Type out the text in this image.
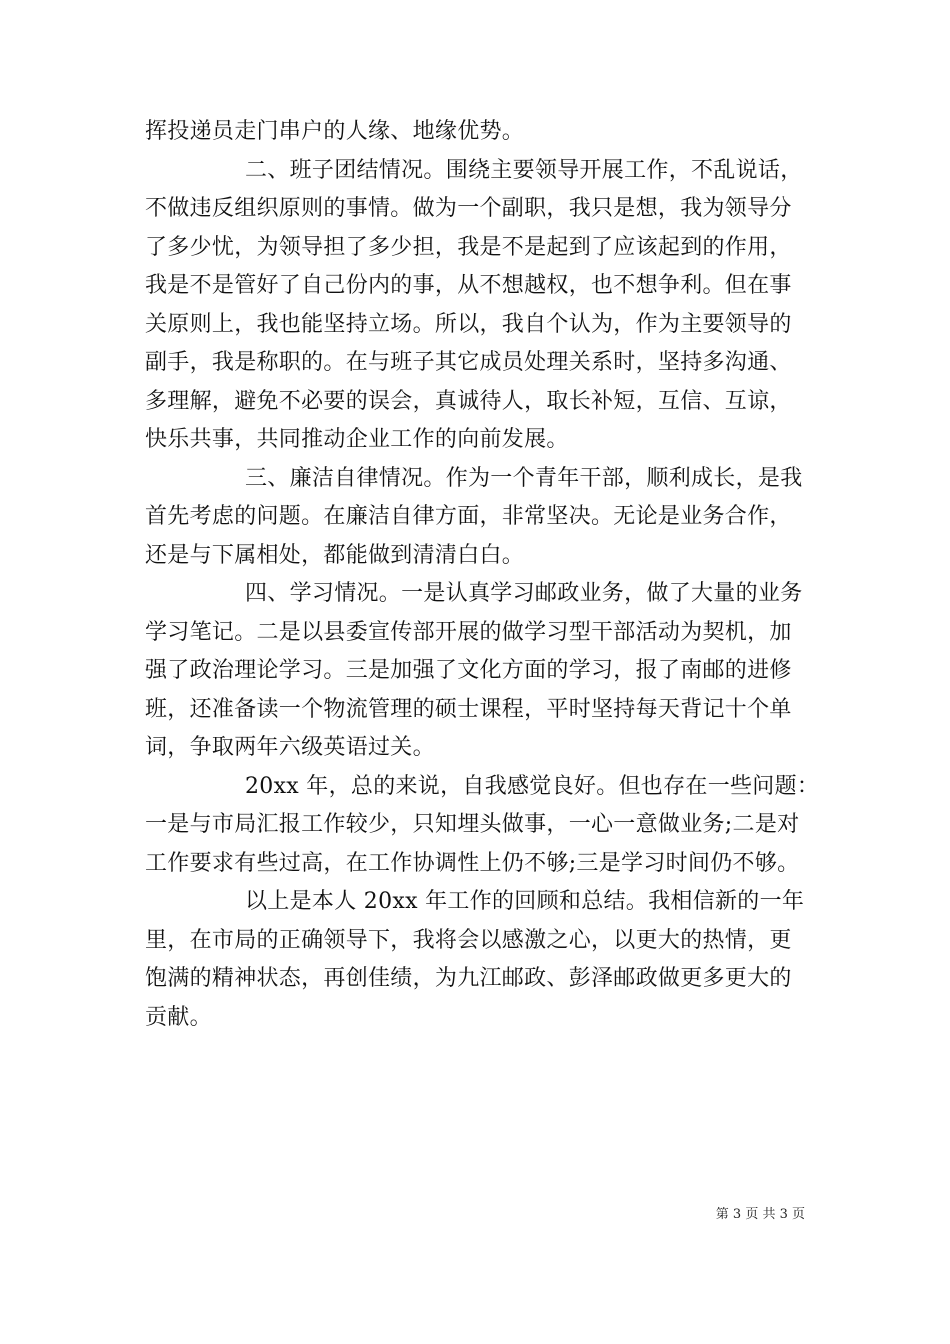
挥投递员走门串户的人缘、地缘优势。
二、班子团结情况。围绕主要领导开展工作，不乱说话，
不做违反组织原则的事情。做为一个副职，我只是想，我为领导分
了多少忧，为领导担了多少担，我是不是起到了应该起到的作用，
我是不是管好了自己份内的事，从不想越权，也不想争利。但在事
关原则上，我也能坚持立场。所以，我自个认为，作为主要领导的
副手，我是称职的。在与班子其它成员处理关系时，坚持多沟通、
多理解，避免不必要的误会，真诚待人，取长补短，互信、互谅，
快乐共事，共同推动企业工作的向前发展。
三、廉洁自律情况。作为一个青年干部，顺利成长，是我
首先考虑的问题。在廉洁自律方面，非常坚决。无论是业务合作，
还是与下属相处，都能做到清清白白。
四、学习情况。一是认真学习邮政业务，做了大量的业务
学习笔记。二是以县委宣传部开展的做学习型干部活动为契机，加
强了政治理论学习。三是加强了文化方面的学习，报了南邮的进修
班，还准备读一个物流管理的硕士课程，平时坚持每天背记十个单
词，争取两年六级英语过关。
20xx 年，总的来说，自我感觉良好。但也存在一些问题：
一是与市局汇报工作较少，只知埋头做事，一心一意做业务;二是对
工作要求有些过高，在工作协调性上仍不够;三是学习时间仍不够。
以上是本人 20xx 年工作的回顾和总结。我相信新的一年
里，在市局的正确领导下，我将会以感激之心，以更大的热情，更
饱满的精神状态，再创佳绩，为九江邮政、彭泽邮政做更多更大的
贡献。
第 3 页 共 3 页
